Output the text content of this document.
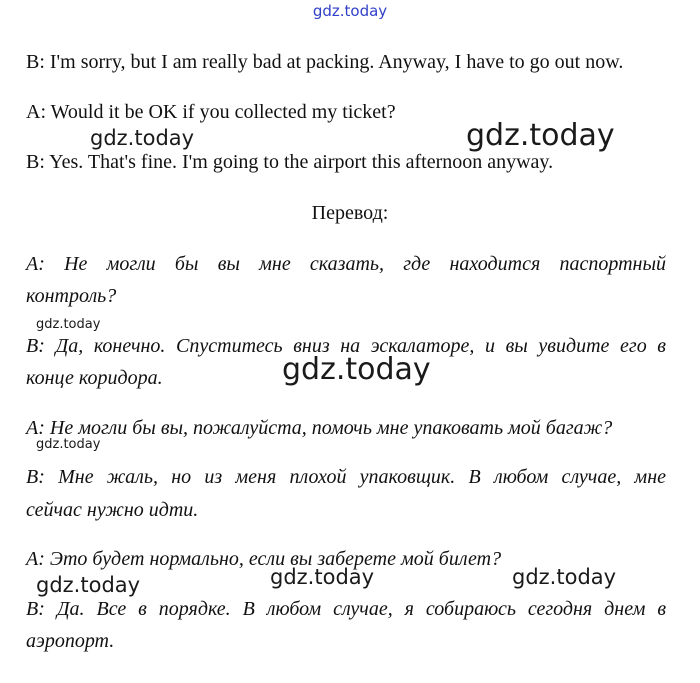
gdz.today
B: I'm sorry, but I am really bad at packing. Anyway, I have to go out now.
A: Would it be OK if you collected my ticket?
B: Yes. That's fine. I'm going to the airport this afternoon anyway.
Перевод:
А: Не могли бы вы мне сказать, где находится паспортный
контроль?
В: Да, конечно. Спуститесь вниз на эскалаторе, и вы увидите его в
конце коридора.
А: Не могли бы вы, пожалуйста, помочь мне упаковать мой багаж?
В: Мне жаль, но из меня плохой упаковщик. В любом случае, мне
сейчас нужно идти.
А: Это будет нормально, если вы заберете мой билет?
В: Да. Все в порядке. В любом случае, я собираюсь сегодня днем в
аэропорт.
gdz.today	gdz.today
gdz.today
gdz.today
gdz.today
gdz.today	gdz.today	gdz.today
